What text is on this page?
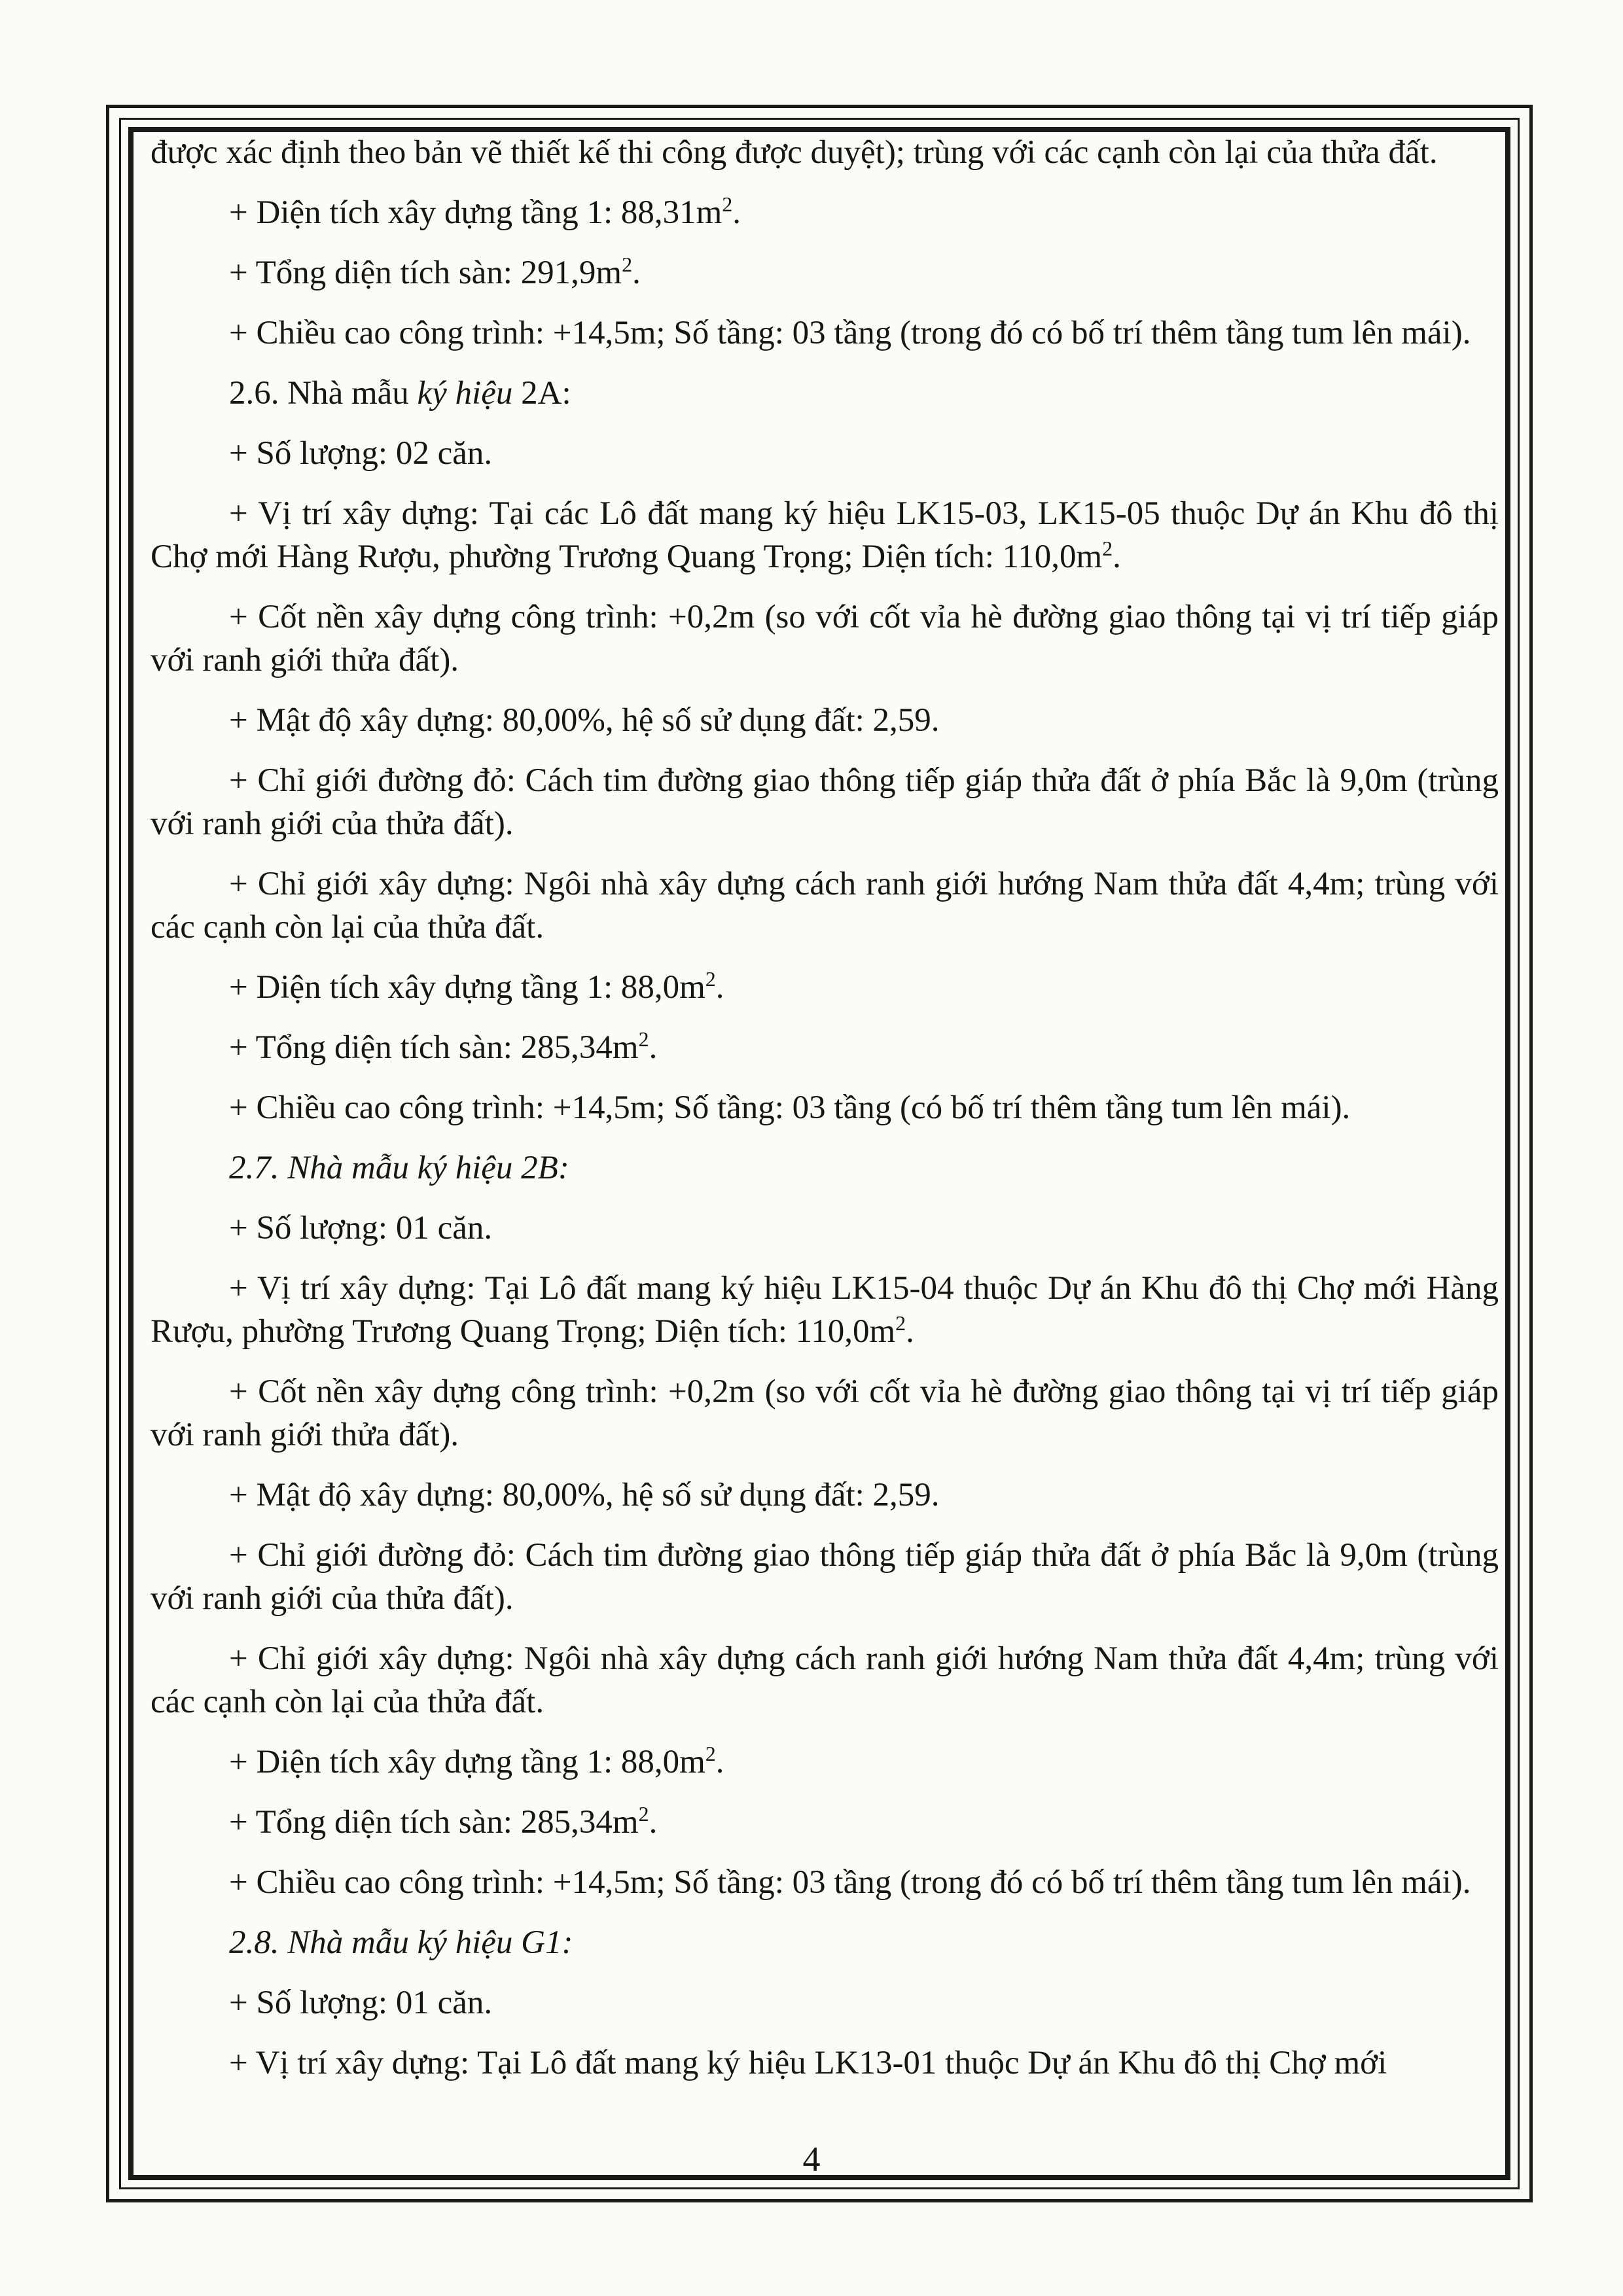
được xác định theo bản vẽ thiết kế thi công được duyệt); trùng với các cạnh còn lại của thửa đất.

+ Diện tích xây dựng tầng 1: $88,31m^2$.

+ Tổng diện tích sàn: $291,9m^2$.

+ Chiều cao công trình: +14,5m; Số tầng: 03 tầng (trong đó có bố trí thêm tầng tum lên mái).

2.6. Nhà mẫu ký hiệu 2A:

+ Số lượng: 02 căn.

+ Vị trí xây dựng: Tại các Lô đất mang ký hiệu LK15-03, LK15-05 thuộc Dự án Khu đô thị Chợ mới Hàng Rượu, phường Trương Quang Trọng; Diện tích: $110,0m^2$.

+ Cốt nền xây dựng công trình: +0,2m (so với cốt vỉa hè đường giao thông tại vị trí tiếp giáp với ranh giới thửa đất).

+ Mật độ xây dựng: 80,00%, hệ số sử dụng đất: 2,59.

+ Chỉ giới đường đỏ: Cách tim đường giao thông tiếp giáp thửa đất ở phía Bắc là 9,0m (trùng với ranh giới của thửa đất).

+ Chỉ giới xây dựng: Ngôi nhà xây dựng cách ranh giới hướng Nam thửa đất 4,4m; trùng với các cạnh còn lại của thửa đất.

+ Diện tích xây dựng tầng 1: $88,0m^2$.

+ Tổng diện tích sàn: $285,34m^2$.

+ Chiều cao công trình: +14,5m; Số tầng: 03 tầng (có bố trí thêm tầng tum lên mái).

2.7. Nhà mẫu ký hiệu 2B:

+ Số lượng: 01 căn.

+ Vị trí xây dựng: Tại Lô đất mang ký hiệu LK15-04 thuộc Dự án Khu đô thị Chợ mới Hàng Rượu, phường Trương Quang Trọng; Diện tích: $110,0m^2$.

+ Cốt nền xây dựng công trình: +0,2m (so với cốt vỉa hè đường giao thông tại vị trí tiếp giáp với ranh giới thửa đất).

+ Mật độ xây dựng: 80,00%, hệ số sử dụng đất: 2,59.

+ Chỉ giới đường đỏ: Cách tim đường giao thông tiếp giáp thửa đất ở phía Bắc là 9,0m (trùng với ranh giới của thửa đất).

+ Chỉ giới xây dựng: Ngôi nhà xây dựng cách ranh giới hướng Nam thửa đất 4,4m; trùng với các cạnh còn lại của thửa đất.

+ Diện tích xây dựng tầng 1: $88,0m^2$.

+ Tổng diện tích sàn: $285,34m^2$.

+ Chiều cao công trình: +14,5m; Số tầng: 03 tầng (trong đó có bố trí thêm tầng tum lên mái).

2.8. Nhà mẫu ký hiệu G1:

+ Số lượng: 01 căn.

+ Vị trí xây dựng: Tại Lô đất mang ký hiệu LK13-01 thuộc Dự án Khu đô thị Chợ mới

4
